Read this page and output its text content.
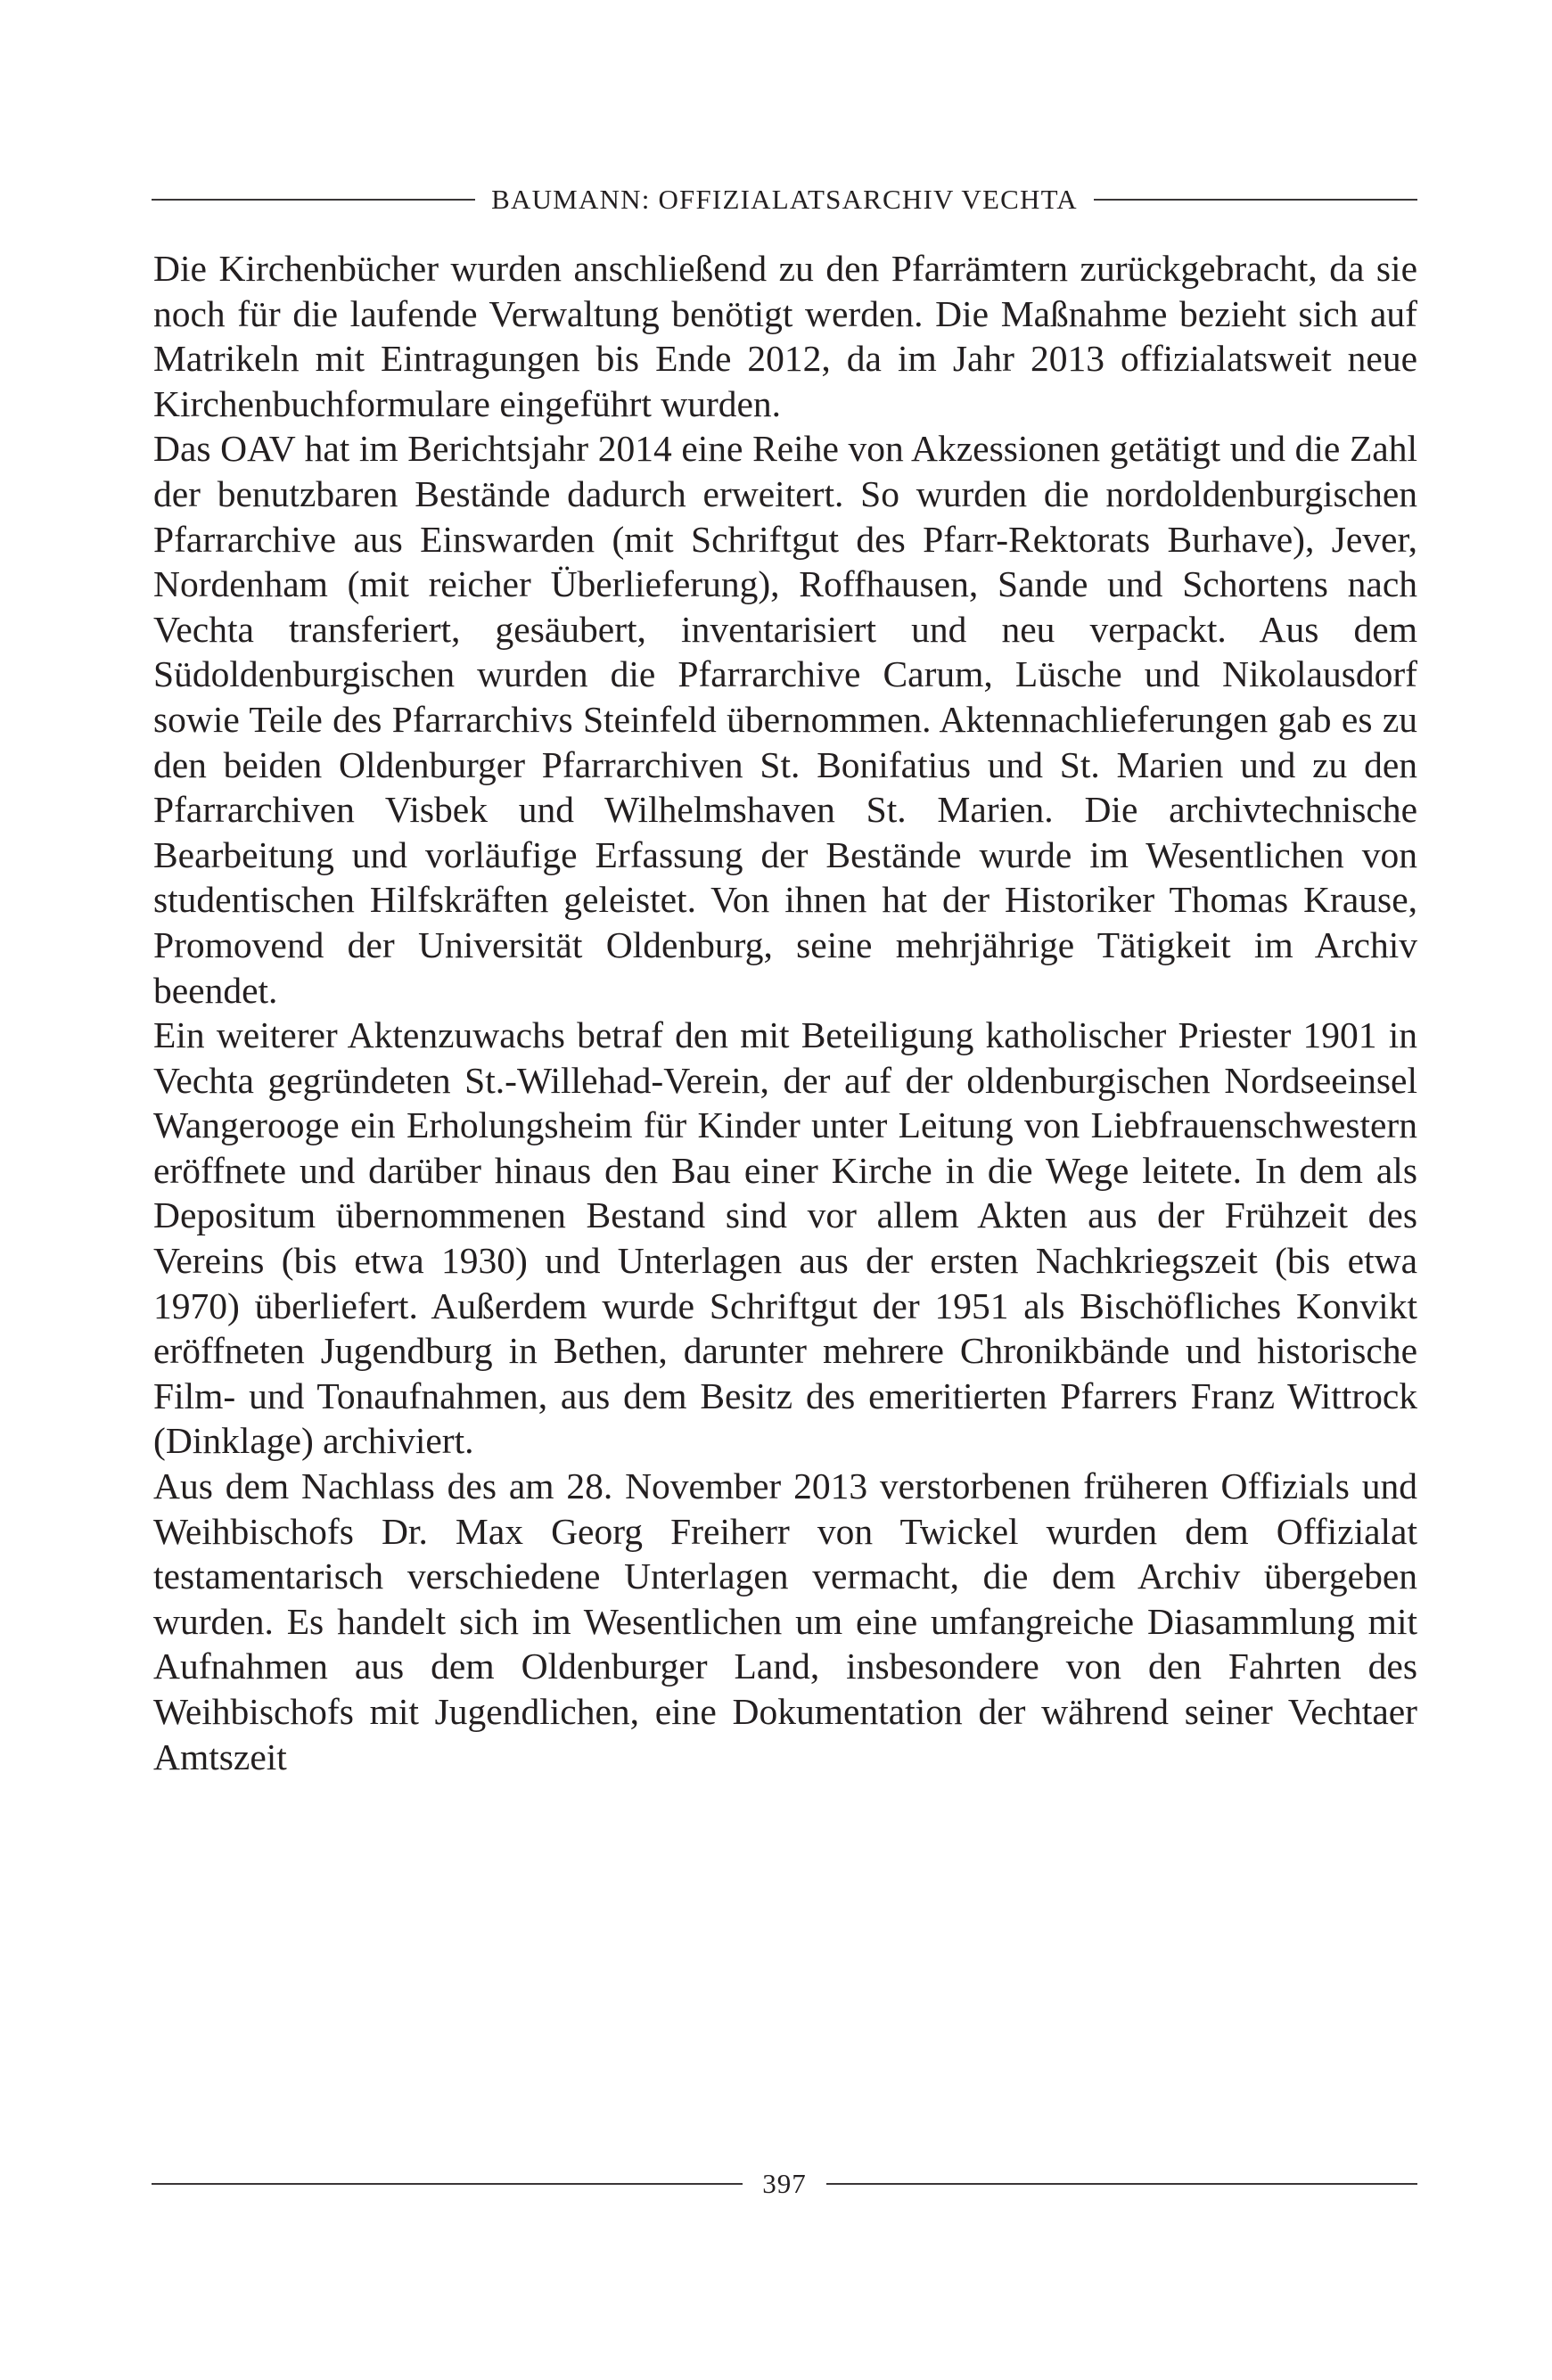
BAUMANN: OFFIZIALATSARCHIV VECHTA

Die Kirchenbücher wurden anschließend zu den Pfarrämtern zurückgebracht, da sie noch für die laufende Verwaltung benötigt werden. Die Maßnahme bezieht sich auf Matrikeln mit Eintragungen bis Ende 2012, da im Jahr 2013 offizialatsweit neue Kirchenbuchformulare eingeführt wurden.

Das OAV hat im Berichtsjahr 2014 eine Reihe von Akzessionen getätigt und die Zahl der benutzbaren Bestände dadurch erweitert. So wurden die nordoldenburgischen Pfarrarchive aus Einswarden (mit Schriftgut des Pfarr-Rektorats Burhave), Jever, Nordenham (mit reicher Überlieferung), Roffhausen, Sande und Schortens nach Vechta transferiert, gesäubert, inventarisiert und neu verpackt. Aus dem Südoldenburgischen wurden die Pfarrarchive Carum, Lüsche und Nikolausdorf sowie Teile des Pfarrarchivs Steinfeld übernommen. Aktennachlieferungen gab es zu den beiden Oldenburger Pfarrarchiven St. Bonifatius und St. Marien und zu den Pfarrarchiven Visbek und Wilhelmshaven St. Marien. Die archivtechnische Bearbeitung und vorläufige Erfassung der Bestände wurde im Wesentlichen von studentischen Hilfskräften geleistet. Von ihnen hat der Historiker Thomas Krause, Promovend der Universität Oldenburg, seine mehrjährige Tätigkeit im Archiv beendet.

Ein weiterer Aktenzuwachs betraf den mit Beteiligung katholischer Priester 1901 in Vechta gegründeten St.-Willehad-Verein, der auf der oldenburgischen Nordseeinsel Wangerooge ein Erholungsheim für Kinder unter Leitung von Liebfrauenschwestern eröffnete und darüber hinaus den Bau einer Kirche in die Wege leitete. In dem als Depositum übernommenen Bestand sind vor allem Akten aus der Frühzeit des Vereins (bis etwa 1930) und Unterlagen aus der ersten Nachkriegszeit (bis etwa 1970) überliefert. Außerdem wurde Schriftgut der 1951 als Bischöfliches Konvikt eröffneten Jugendburg in Bethen, darunter mehrere Chronikbände und historische Film- und Tonaufnahmen, aus dem Besitz des emeritierten Pfarrers Franz Wittrock (Dinklage) archiviert.

Aus dem Nachlass des am 28. November 2013 verstorbenen früheren Offizials und Weihbischofs Dr. Max Georg Freiherr von Twickel wurden dem Offizialat testamentarisch verschiedene Unterlagen vermacht, die dem Archiv übergeben wurden. Es handelt sich im Wesentlichen um eine umfangreiche Diasammlung mit Aufnahmen aus dem Oldenburger Land, insbesondere von den Fahrten des Weihbischofs mit Jugendlichen, eine Dokumentation der während seiner Vechtaer Amtszeit

397
